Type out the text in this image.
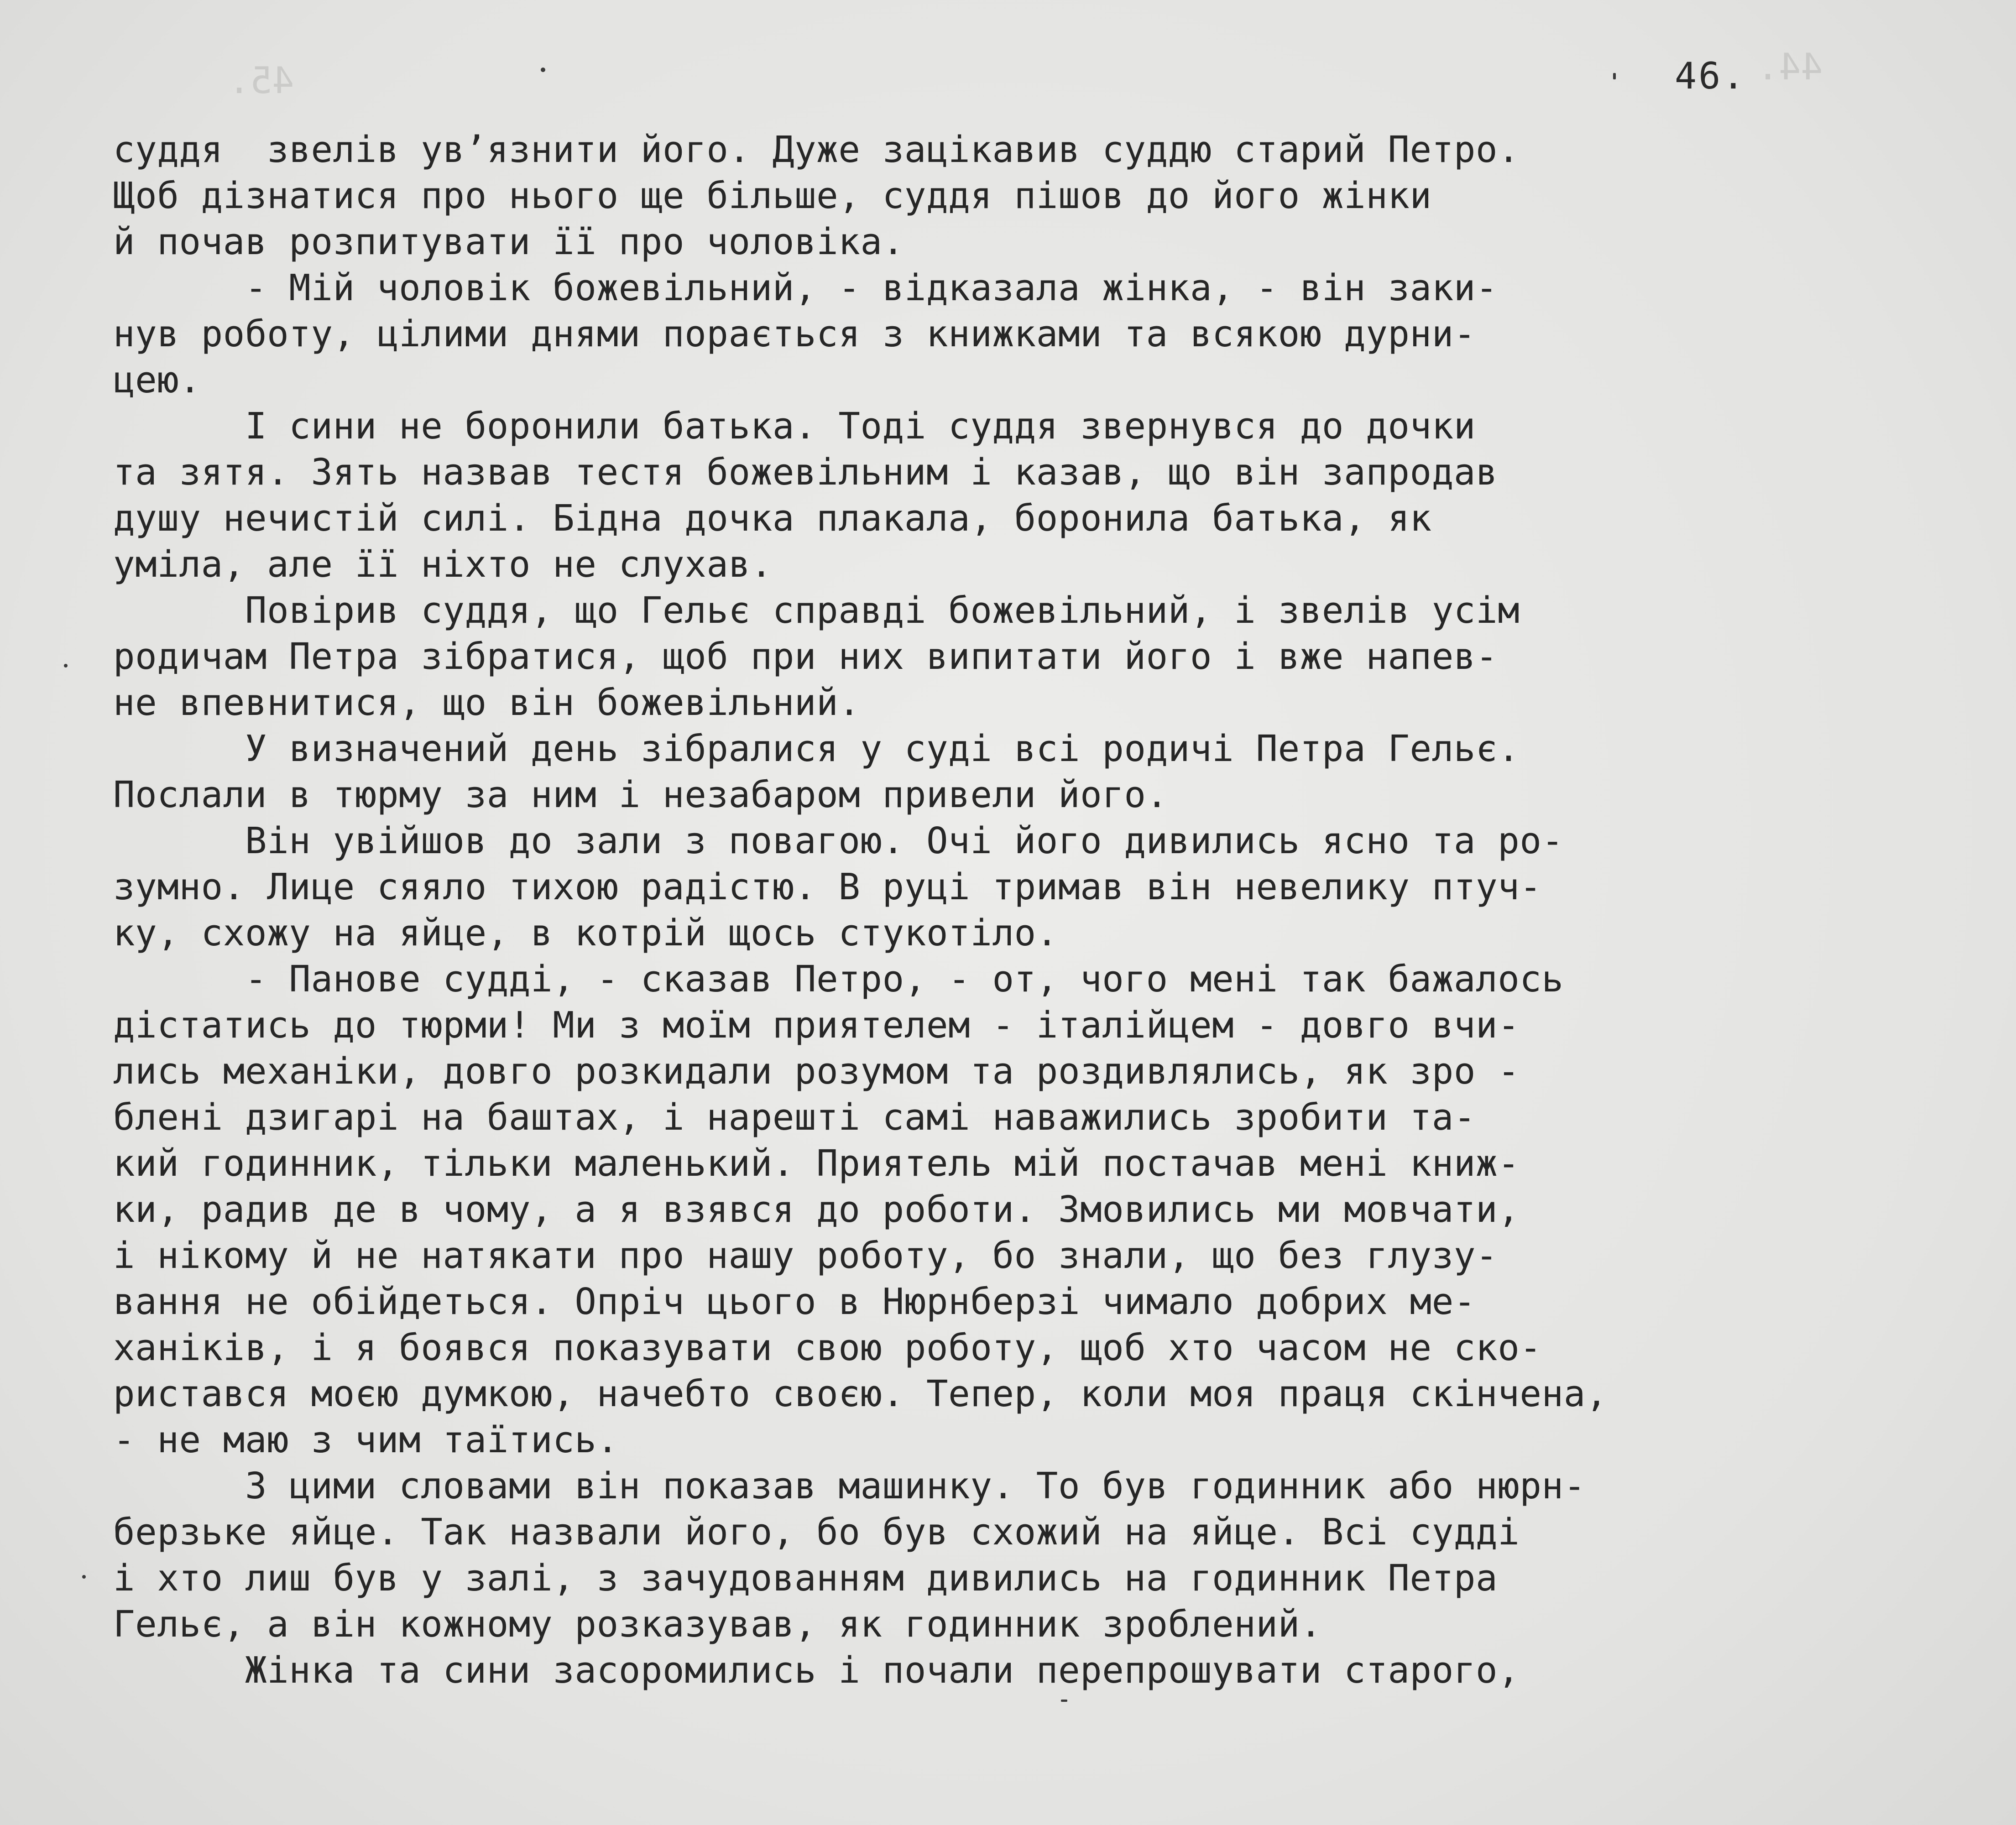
45.	44.
46.
суддя  звелів ув’язнити його. Дуже зацікавив суддю старий Петро.
Щоб дізнатися про нього ще більше, суддя пішов до його жінки
й почав розпитувати її про чоловіка.
- Мій чоловік божевільний, - відказала жінка, - він заки-
нув роботу, цілими днями порається з книжками та всякою дурни-
цею.
І сини не боронили батька. Тоді суддя звернувся до дочки
та зятя. Зять назвав тестя божевільним і казав, що він запродав
душу нечистій силі. Бідна дочка плакала, боронила батька, як
уміла, але її ніхто не слухав.
Повірив суддя, що Гельє справді божевільний, і звелів усім
родичам Петра зібратися, щоб при них випитати його і вже напев-
не впевнитися, що він божевільний.
У визначений день зібралися у суді всі родичі Петра Гельє.
Послали в тюрму за ним і незабаром привели його.
Він увійшов до зали з повагою. Очі його дивились ясно та ро-
зумно. Лице сяяло тихою радістю. В руці тримав він невелику птуч-
ку, схожу на яйце, в котрій щось стукотіло.
- Панове судді, - сказав Петро, - от, чого мені так бажалось
дістатись до тюрми! Ми з моїм приятелем - італійцем - довго вчи-
лись механіки, довго розкидали розумом та роздивлялись, як зро -
блені дзигарі на баштах, і нарешті самі наважились зробити та-
кий годинник, тільки маленький. Приятель мій постачав мені книж-
ки, радив де в чому, а я взявся до роботи. Змовились ми мовчати,
і нікому й не натякати про нашу роботу, бо знали, що без глузу-
вання не обійдеться. Опріч цього в Нюрнберзі чимало добрих ме-
ханіків, і я боявся показувати свою роботу, щоб хто часом не ско-
ристався моєю думкою, начебто своєю. Тепер, коли моя праця скінчена,
- не маю з чим таїтись.
З цими словами він показав машинку. То був годинник або нюрн-
берзьке яйце. Так назвали його, бо був схожий на яйце. Всі судді
і хто лиш був у залі, з зачудованням дивились на годинник Петра
Гельє, а він кожному розказував, як годинник зроблений.
Жінка та сини засоромились і почали перепрошувати старого,
